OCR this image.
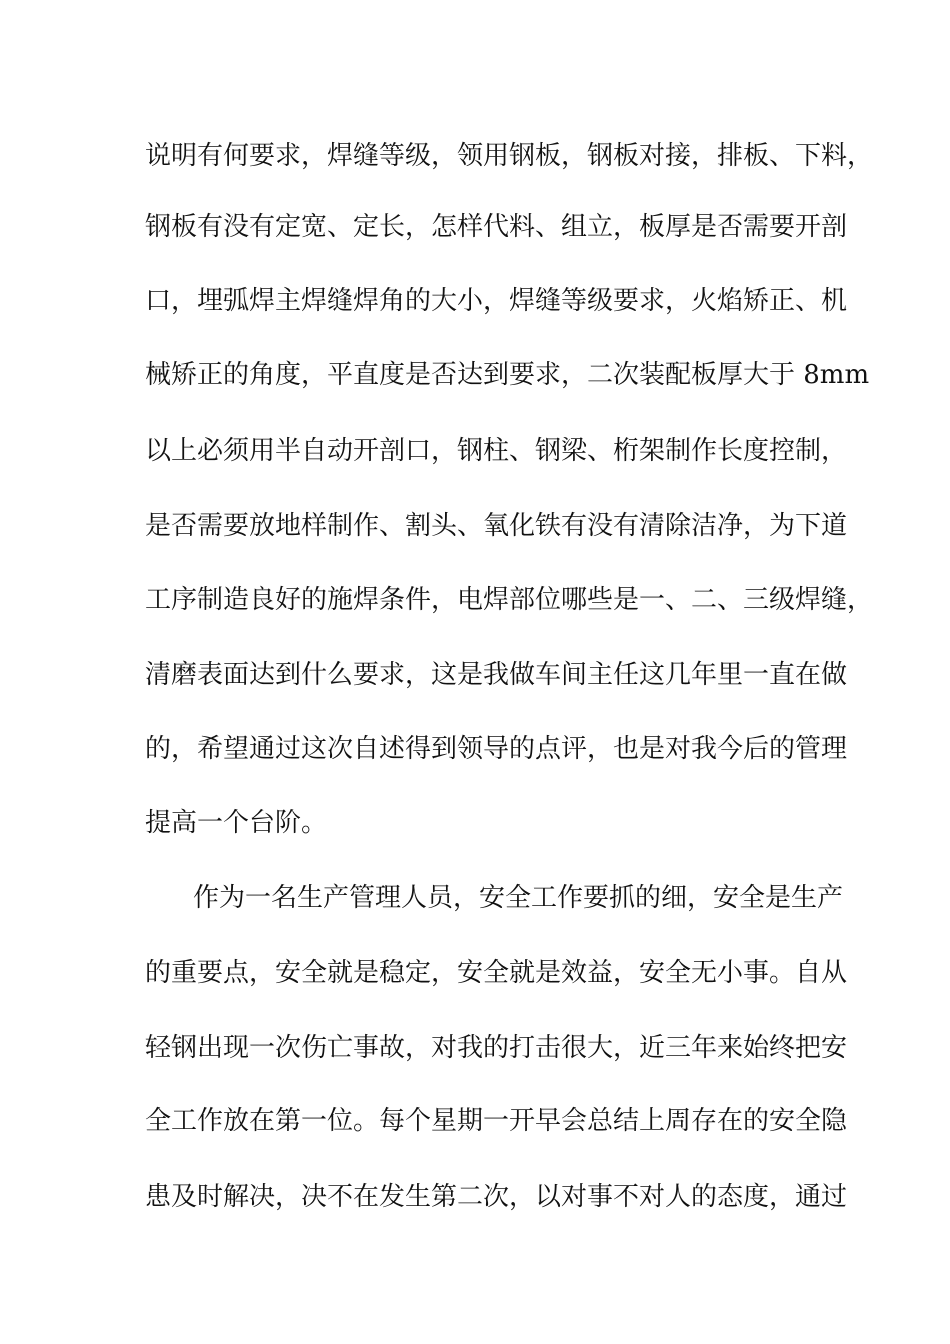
说明有何要求，焊缝等级，领用钢板，钢板对接，排板、下料，
钢板有没有定宽、定长，怎样代料、组立，板厚是否需要开剖
口，埋弧焊主焊缝焊角的大小，焊缝等级要求，火焰矫正、机
械矫正的角度，平直度是否达到要求，二次装配板厚大于 8mm
以上必须用半自动开剖口，钢柱、钢梁、桁架制作长度控制，
是否需要放地样制作、割头、氧化铁有没有清除洁净，为下道
工序制造良好的施焊条件，电焊部位哪些是一、二、三级焊缝，
清磨表面达到什么要求，这是我做车间主任这几年里一直在做
的，希望通过这次自述得到领导的点评，也是对我今后的管理
提高一个台阶。
作为一名生产管理人员，安全工作要抓的细，安全是生产
的重要点，安全就是稳定，安全就是效益，安全无小事。自从
轻钢出现一次伤亡事故，对我的打击很大，近三年来始终把安
全工作放在第一位。每个星期一开早会总结上周存在的安全隐
患及时解决，决不在发生第二次，以对事不对人的态度，通过
